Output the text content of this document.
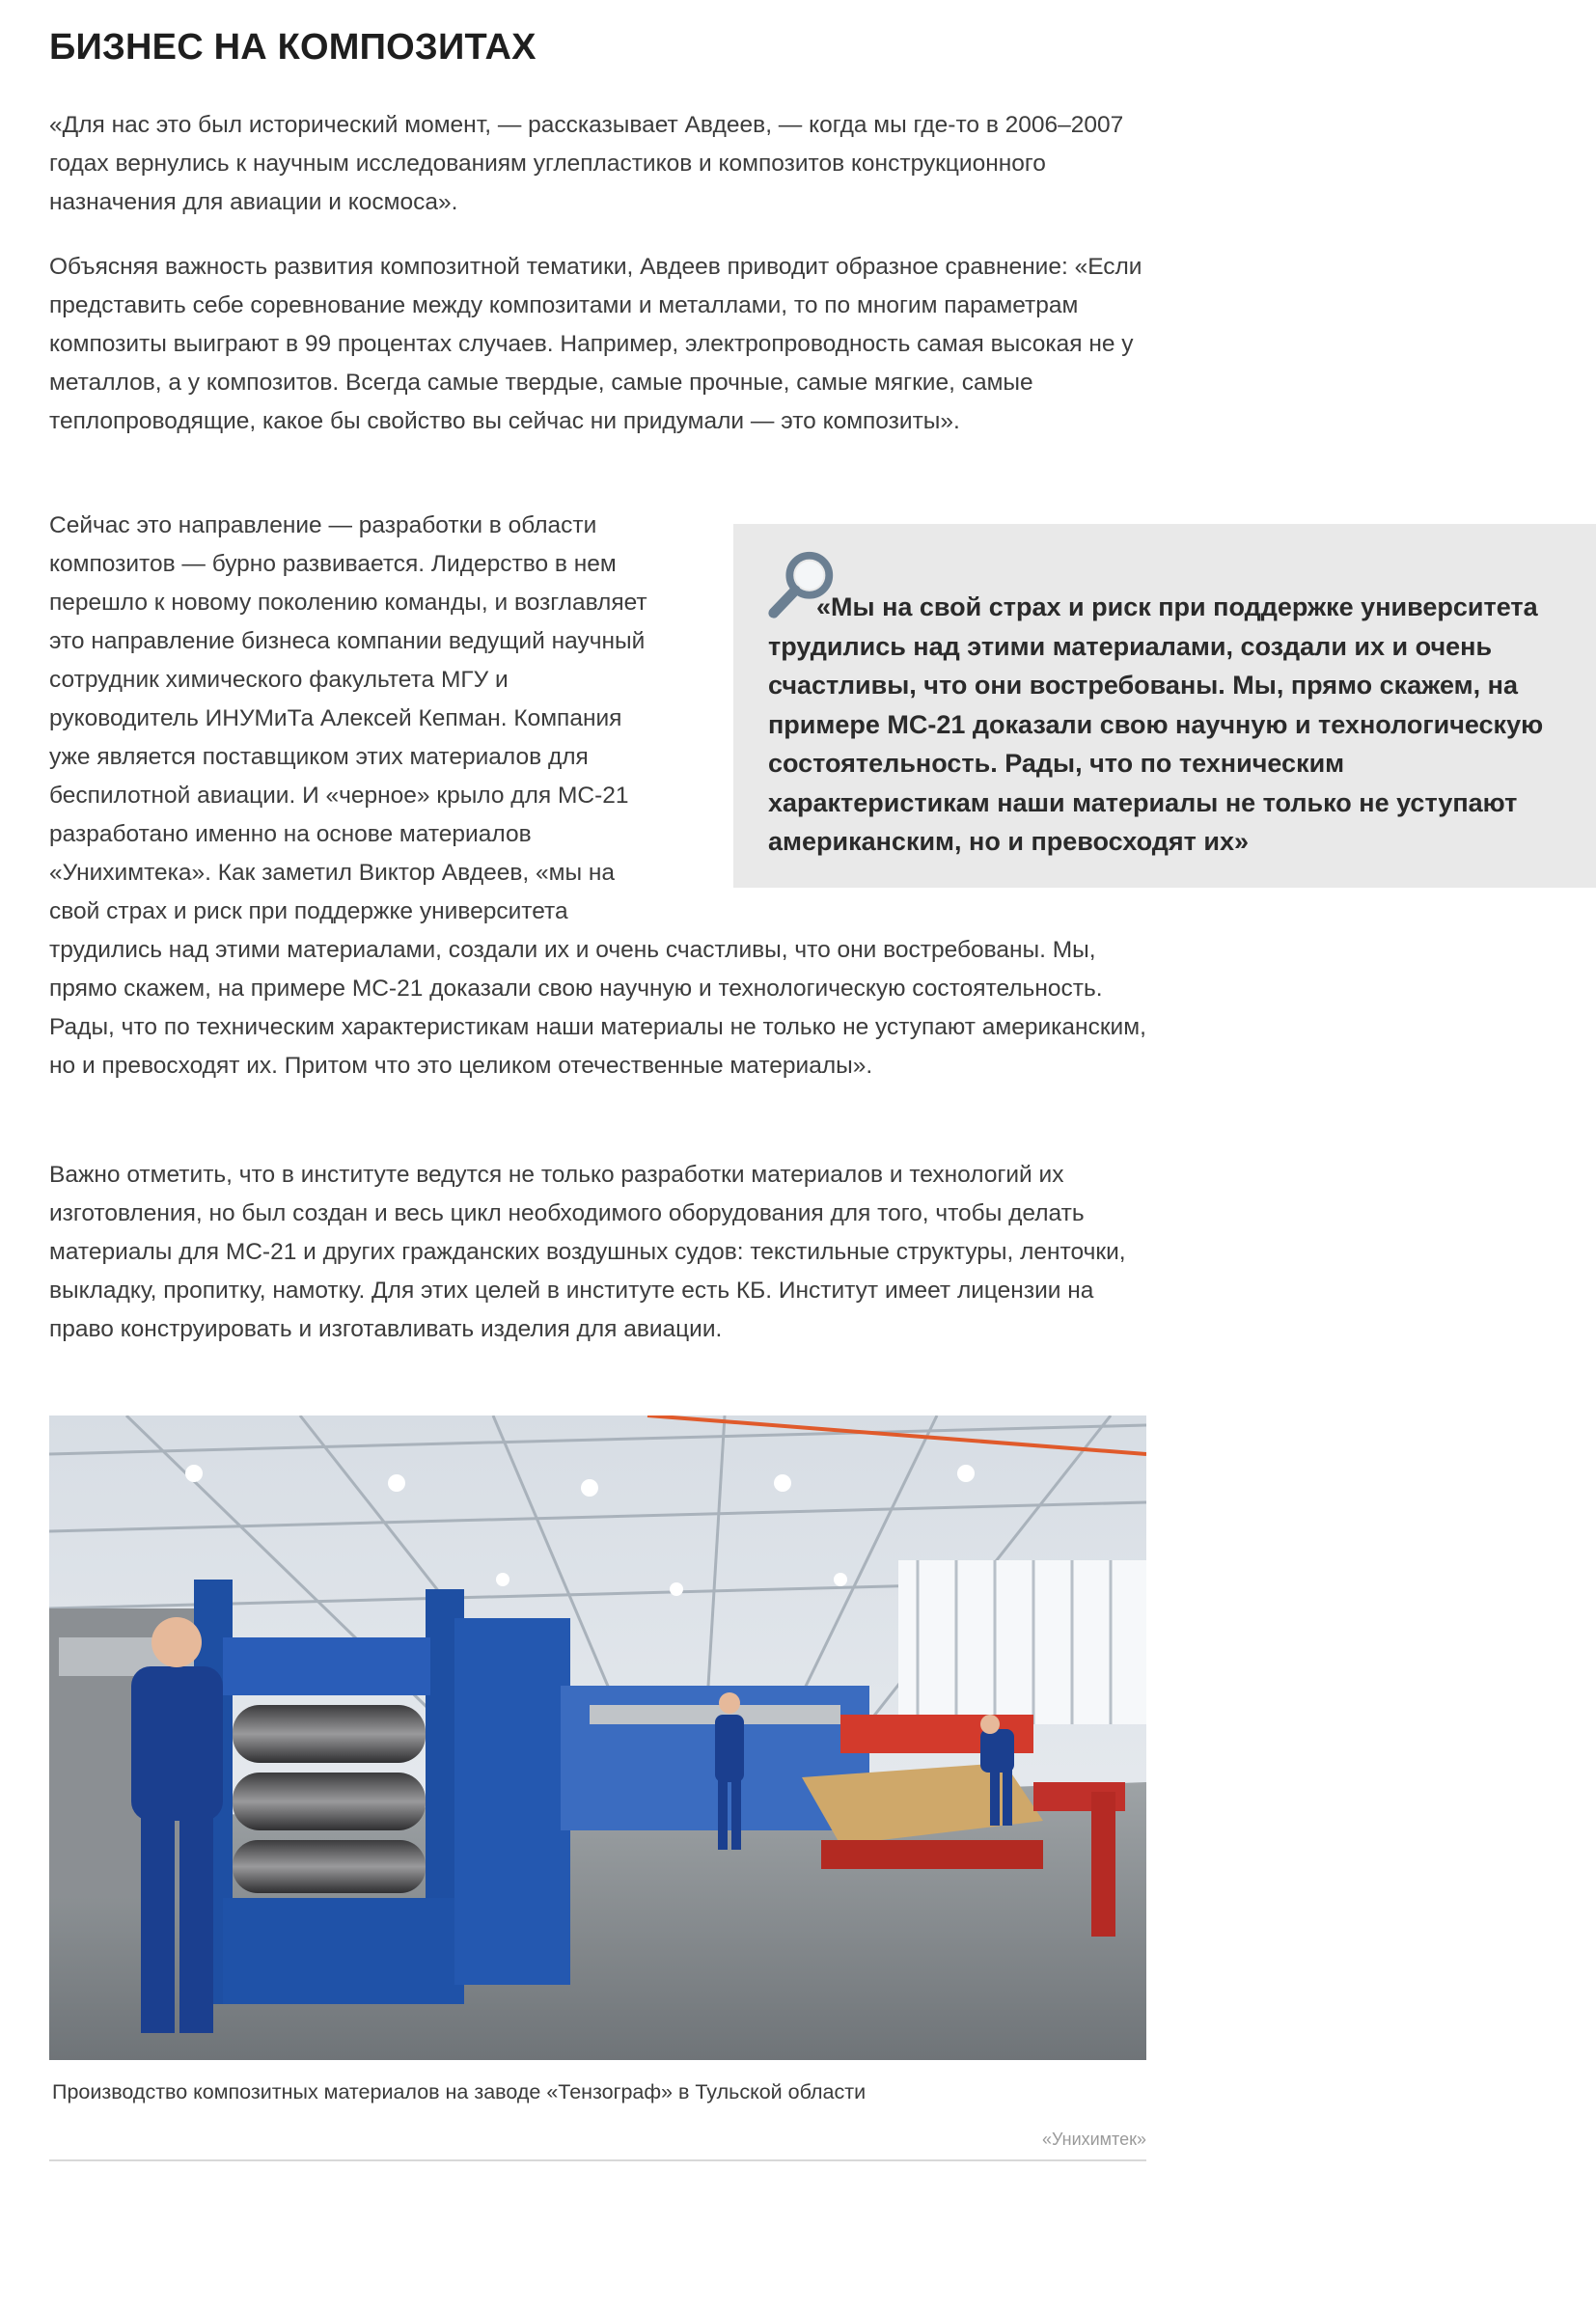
БИЗНЕС НА КОМПОЗИТАХ

«Для нас это был исторический момент, — рассказывает Авдеев, — когда мы где-то в 2006–2007 годах вернулись к научным исследованиям углепластиков и композитов конструкционного назначения для авиации и космоса».

Объясняя важность развития композитной тематики, Авдеев приводит образное сравнение: «Если представить себе соревнование между композитами и металлами, то по многим параметрам композиты выиграют в 99 процентах случаев. Например, электропроводность самая высокая не у металлов, а у композитов. Всегда самые твердые, самые прочные, самые мягкие, самые теплопроводящие, какое бы свойство вы сейчас ни придумали — это композиты».

Сейчас это направление — разработки в области композитов — бурно развивается. Лидерство в нем перешло к новому поколению команды, и возглавляет это направление бизнеса компании ведущий научный сотрудник химического факультета МГУ и руководитель ИНУМиТа Алексей Кепман. Компания уже является поставщиком этих материалов для беспилотной авиации. И «черное» крыло для МС-21 разработано именно на основе материалов «Унихимтека». Как заметил Виктор Авдеев, «мы на свой страх и риск при поддержке университета трудились над этими материалами, создали их и очень счастливы, что они востребованы. Мы, прямо скажем, на примере МС-21 доказали свою научную и технологическую состоятельность. Рады, что по техническим характеристикам наши материалы не только не уступают американским, но и превосходят их. Притом что это целиком отечественные материалы».

Важно отметить, что в институте ведутся не только разработки материалов и технологий их изготовления, но был создан и весь цикл необходимого оборудования для того, чтобы делать материалы для МС-21 и других гражданских воздушных судов: текстильные структуры, ленточки, выкладку, пропитку, намотку. Для этих целей в институте есть КБ. Институт имеет лицензии на право конструировать и изготавливать изделия для авиации.

«Мы на свой страх и риск при поддержке университета трудились над этими материалами, создали их и очень счастливы, что они востребованы. Мы, прямо скажем, на примере МС-21 доказали свою научную и технологическую состоятельность. Рады, что по техническим характеристикам наши материалы не только не уступают американским, но и превосходят их»

Производство композитных материалов на заводе «Тензограф» в Тульской области

«Унихимтек»
